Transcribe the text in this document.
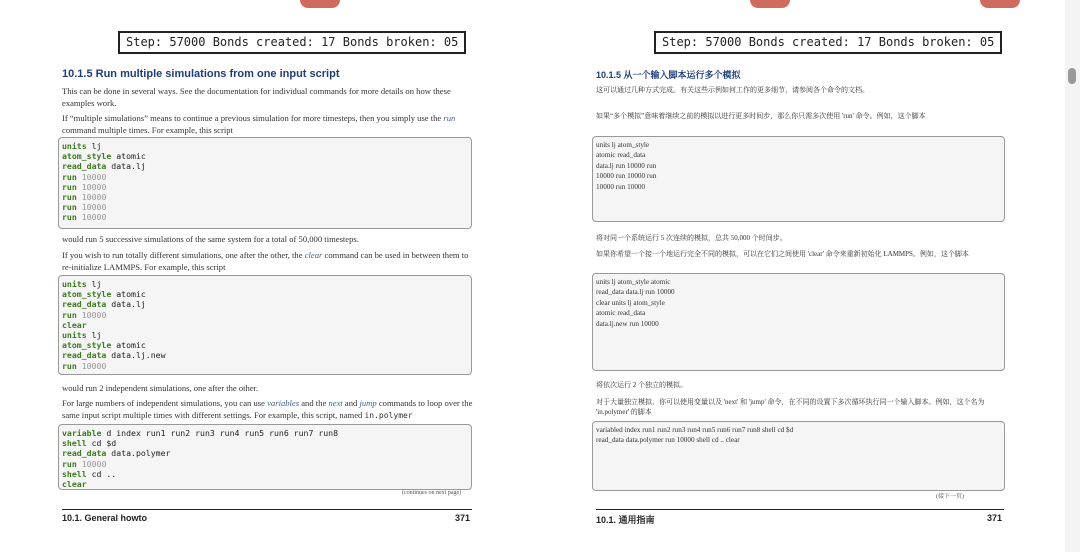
Step: 57000 Bonds created: 17 Bonds broken: 05
10.1.5 Run multiple simulations from one input script
This can be done in several ways. See the documentation for individual commands for more details on how these examples work.
If “multiple simulations” means to continue a previous simulation for more timesteps, then you simply use the run command multiple times. For example, this script
units lj
atom_style atomic
read_data data.lj
run 10000
run 10000
run 10000
run 10000
run 10000
would run 5 successive simulations of the same system for a total of 50,000 timesteps.
If you wish to run totally different simulations, one after the other, the clear command can be used in between them to re-initialize LAMMPS. For example, this script
units lj
atom_style atomic
read_data data.lj
run 10000
clear
units lj
atom_style atomic
read_data data.lj.new
run 10000
would run 2 independent simulations, one after the other.
For large numbers of independent simulations, you can use variables and the next and jump commands to loop over the same input script multiple times with different settings. For example, this script, named in.polymer
variable d index run1 run2 run3 run4 run5 run6 run7 run8
shell cd $d
read_data data.polymer
run 10000
shell cd ..
clear
(continues on next page)
10.1. General howto	371
Step: 57000 Bonds created: 17 Bonds broken: 05
10.1.5 从一个输入脚本运行多个模拟
这可以通过几种方式完成。有关这些示例如何工作的更多细节，请参阅各个命令的文档。
如果“多个模拟”意味着继续之前的模拟以进行更多时间步，那么你只需多次使用 'run' 命令。例如，这个脚本
units lj atom_style
atomic read_data
data.lj run 10000 run
10000 run 10000 run
10000 run 10000
将对同一个系统运行 5 次连续的模拟，总共 50,000 个时间步。
如果你希望一个接一个地运行完全不同的模拟，可以在它们之间使用 'clear' 命令来重新初始化 LAMMPS。例如，这个脚本
units lj atom_style atomic
read_data data.lj run 10000
clear units lj atom_style
atomic read_data
data.lj.new run 10000
将依次运行 2 个独立的模拟。
对于大量独立模拟，你可以使用变量以及 'next' 和 'jump' 命令，在不同的设置下多次循环执行同一个输入脚本。例如，这个名为
'in.polymer' 的脚本
variabled index run1 run2 run3 run4 run5 run6 run7 run8 shell cd $d
read_data data.polymer run 10000 shell cd .. clear
(接下一页)
10.1. 通用指南	371
